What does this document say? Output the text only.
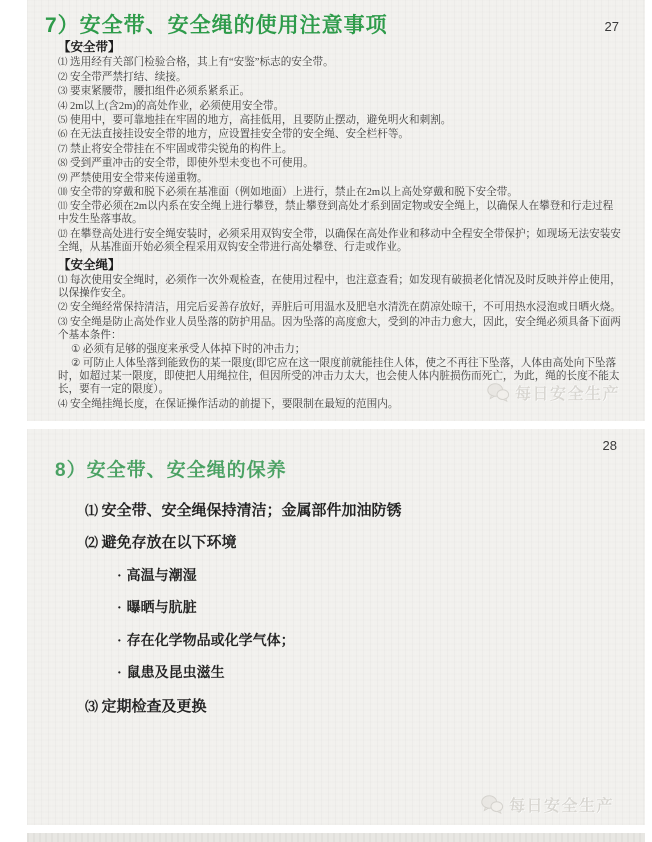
27
7）安全带、安全绳的使用注意事项
【安全带】

⑴ 选用经有关部门检验合格，其上有“安鉴”标志的安全带。

⑵ 安全带严禁打结、续接。

⑶ 要束紧腰带，腰扣组件必须系紧系正。

⑷ 2m以上(含2m)的高处作业，必须使用安全带。

⑸ 使用中，要可靠地挂在牢固的地方，高挂低用，且要防止摆动，避免明火和刺割。

⑹ 在无法直接挂设安全带的地方，应设置挂安全带的安全绳、安全栏杆等。

⑺ 禁止将安全带挂在不牢固或带尖锐角的构件上。

⑻ 受到严重冲击的安全带，即使外型未变也不可使用。

⑼ 严禁使用安全带来传递重物。

⑽ 安全带的穿戴和脱下必须在基准面（例如地面）上进行，禁止在2m以上高处穿戴和脱下安全带。

⑾ 安全带必须在2m以内系在安全绳上进行攀登，禁止攀登到高处才系到固定物或安全绳上，以确保人在攀登和行走过程中发生坠落事故。

⑿ 在攀登高处进行安全绳安装时，必须采用双钩安全带，以确保在高处作业和移动中全程安全带保护；如现场无法安装安全绳，从基准面开始必须全程采用双钩安全带进行高处攀登、行走或作业。

【安全绳】

⑴ 每次使用安全绳时，必须作一次外观检查，在使用过程中，也注意查看；如发现有破损老化情况及时反映并停止使用，以保操作安全。

⑵ 安全绳经常保持清洁，用完后妥善存放好，弄脏后可用温水及肥皂水清洗在荫凉处晾干，不可用热水浸泡或日晒火烧。

⑶ 安全绳是防止高处作业人员坠落的防护用品。因为坠落的高度愈大，受到的冲击力愈大，因此，安全绳必须具备下面两个基本条件：

① 必须有足够的强度来承受人体掉下时的冲击力；

② 可防止人体坠落到能致伤的某一限度(即它应在这一限度前就能挂住人体，使之不再往下坠落，人体由高处向下坠落时，如超过某一限度，即使把人用绳拉住，但因所受的冲击力太大，也会使人体内脏损伤而死亡，为此，绳的长度不能太长，要有一定的限度）。

⑷ 安全绳挂绳长度，在保证操作活动的前提下，要限制在最短的范围内。

每日安全生产
28
8）安全带、安全绳的保养

⑴ 安全带、安全绳保持清洁；金属部件加油防锈

⑵ 避免存放在以下环境

· 高温与潮湿

· 曝晒与肮脏

· 存在化学物品或化学气体；

· 鼠患及昆虫滋生

⑶ 定期检查及更换

每日安全生产
